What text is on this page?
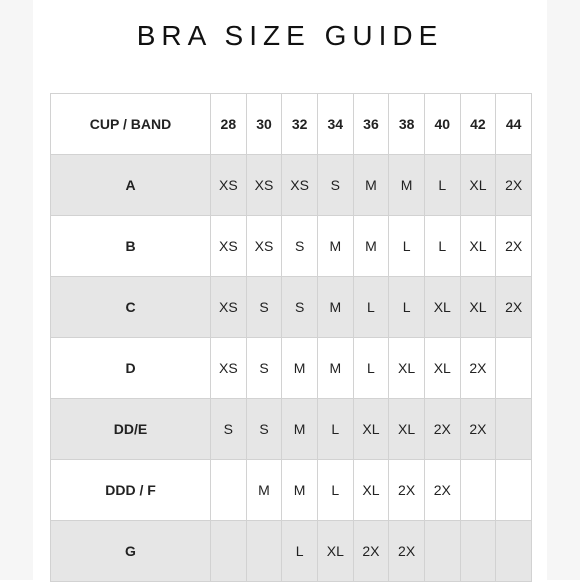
BRA SIZE GUIDE
CUP / BAND	28	30	32	34	36	38	40	42	44
A	XS	XS	XS	S	M	M	L	XL	2X
B	XS	XS	S	M	M	L	L	XL	2X
C	XS	S	S	M	L	L	XL	XL	2X
D	XS	S	M	M	L	XL	XL	2X	
DD/E	S	S	M	L	XL	XL	2X	2X	
DDD / F		M	M	L	XL	2X	2X		
G			L	XL	2X	2X			
